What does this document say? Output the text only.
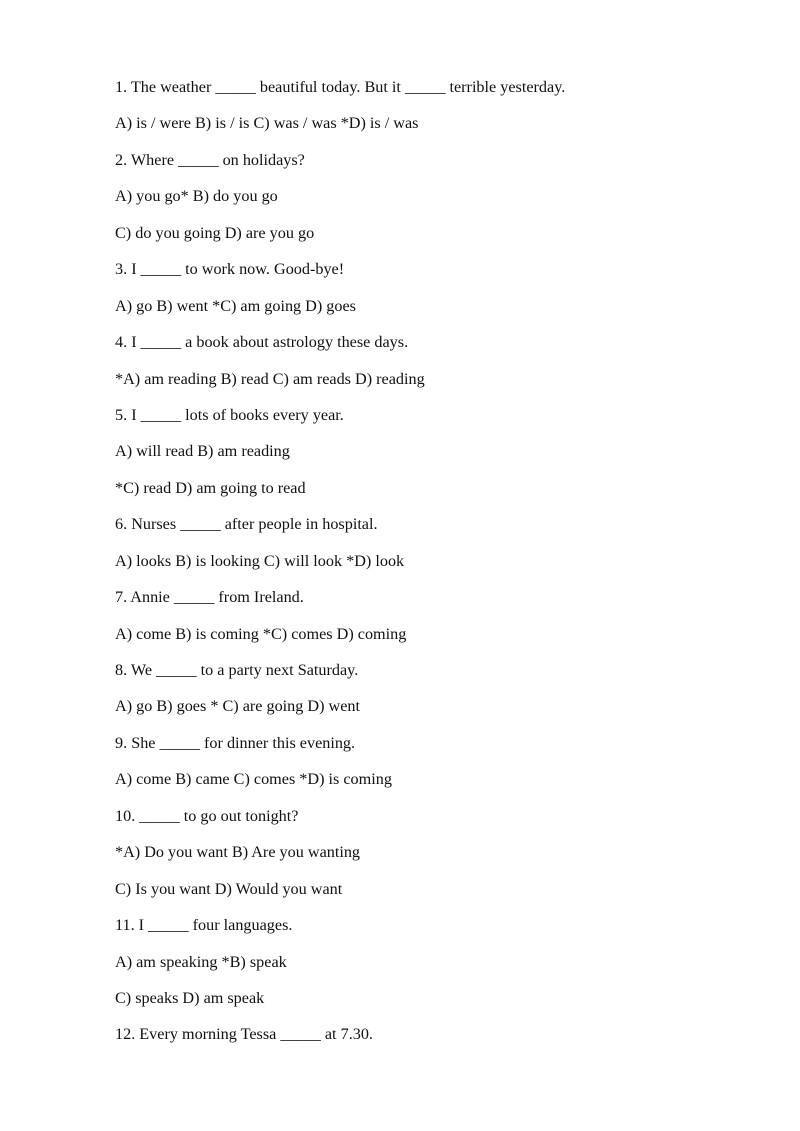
1. The weather _____ beautiful today. But it _____ terrible yesterday.
A) is / were B) is / is C) was / was *D) is / was
2. Where _____ on holidays?
A) you go* B) do you go
C) do you going D) are you go
3. I _____ to work now. Good-bye!
A) go B) went *C) am going D) goes
4. I _____ a book about astrology these days.
*A) am reading B) read C) am reads D) reading
5. I _____ lots of books every year.
A) will read B) am reading
*C) read D) am going to read
6. Nurses _____ after people in hospital.
A) looks B) is looking C) will look *D) look
7. Annie _____ from Ireland.
A) come B) is coming *C) comes D) coming
8. We _____ to a party next Saturday.
A) go B) goes * C) are going D) went
9. She _____ for dinner this evening.
A) come B) came C) comes *D) is coming
10. _____ to go out tonight?
*A) Do you want B) Are you wanting
C) Is you want D) Would you want
11. I _____ four languages.
A) am speaking *B) speak
C) speaks D) am speak
12. Every morning Tessa _____ at 7.30.
